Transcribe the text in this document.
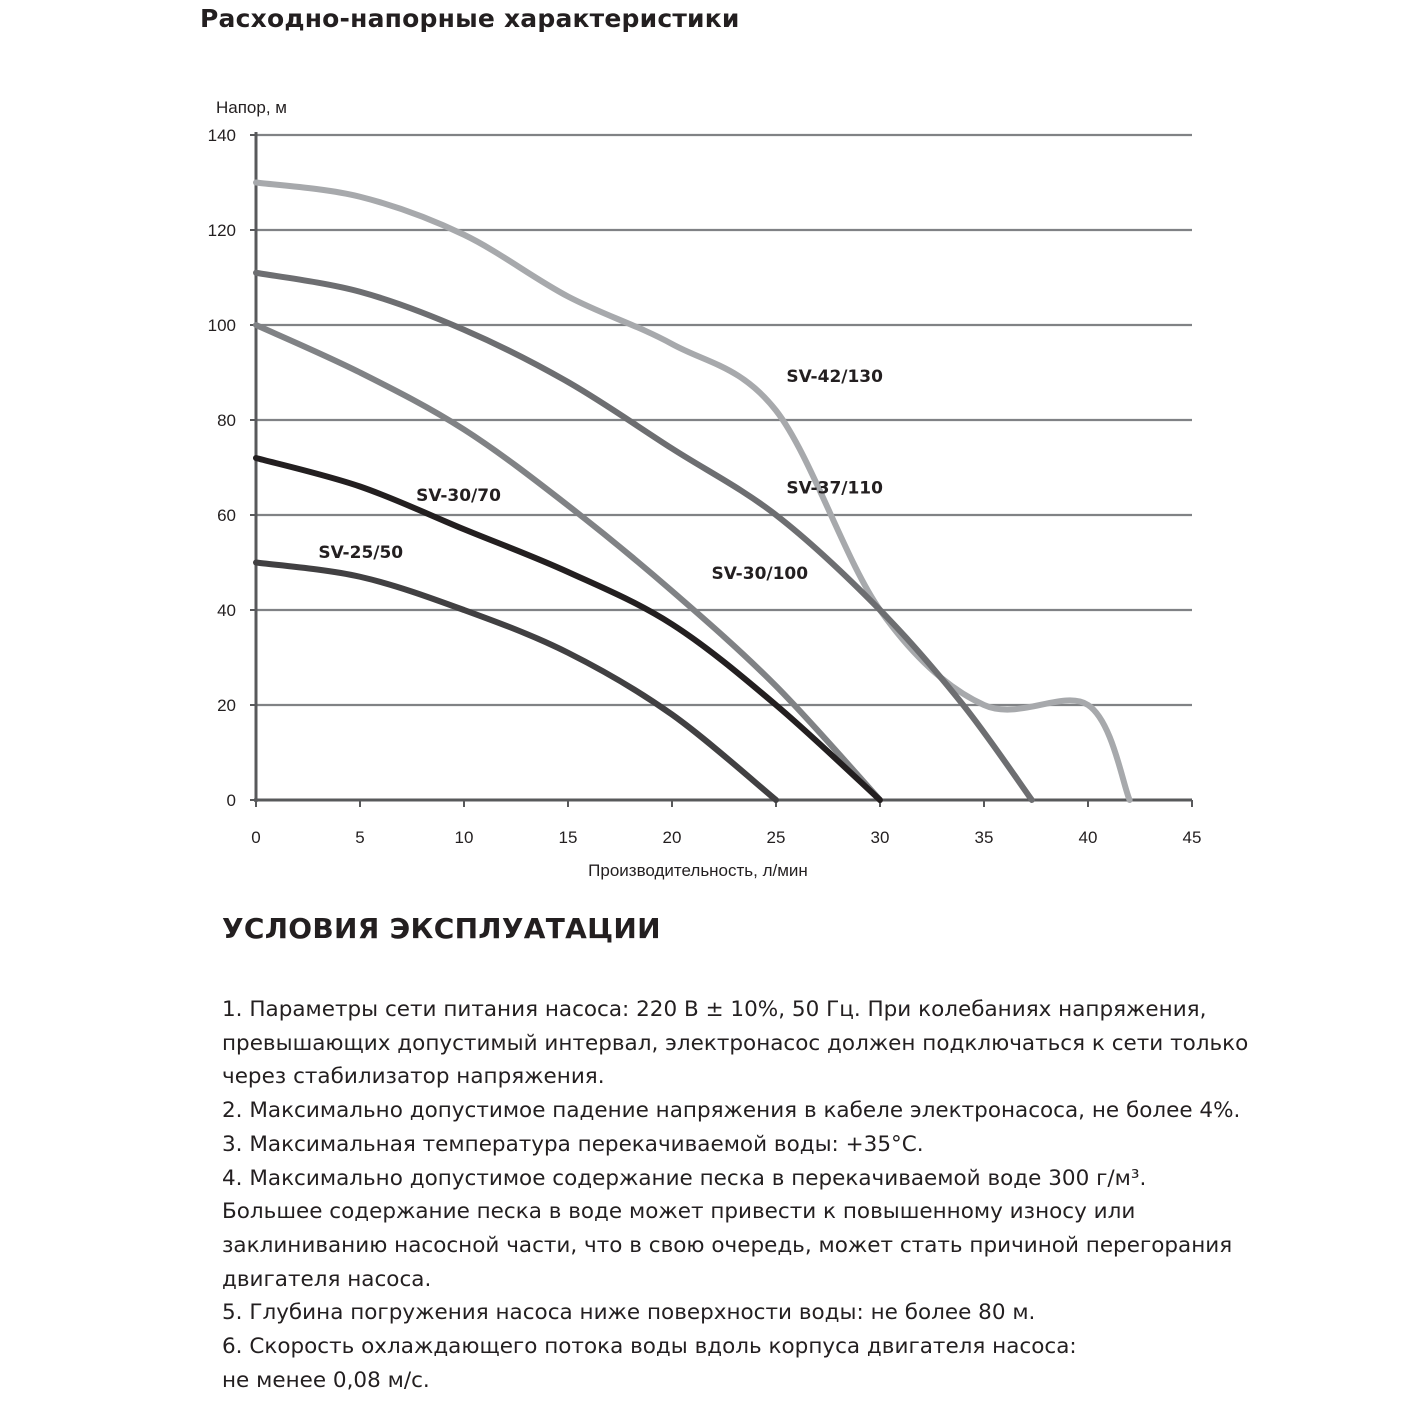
Расходно-напорные характеристики
0
20
40
60
80
100
120
140
0	5	10	15	20	25	30	35	40	45
SV-42/130
SV-37/110
SV-30/100
SV-30/70
SV-25/50
Напор, м
Производительность, л/мин
УСЛОВИЯ ЭКСПЛУАТАЦИИ

1. Параметры сети питания насоса: 220 В ± 10%, 50 Гц. При колебаниях напряжения,

превышающих допустимый интервал, электронасос должен подключаться к сети только

через стабилизатор напряжения.

2. Максимально допустимое падение напряжения в кабеле электронасоса, не более 4%.

3. Максимальная температура перекачиваемой воды: +35°C.

4. Максимально допустимое содержание песка в перекачиваемой воде 300 г/м³.

Большее содержание песка в воде может привести к повышенному износу или

заклиниванию насосной части, что в свою очередь, может стать причиной перегорания

двигателя насоса.

5. Глубина погружения насоса ниже поверхности воды: не более 80 м.

6. Скорость охлаждающего потока воды вдоль корпуса двигателя насоса:

не менее 0,08 м/с.
